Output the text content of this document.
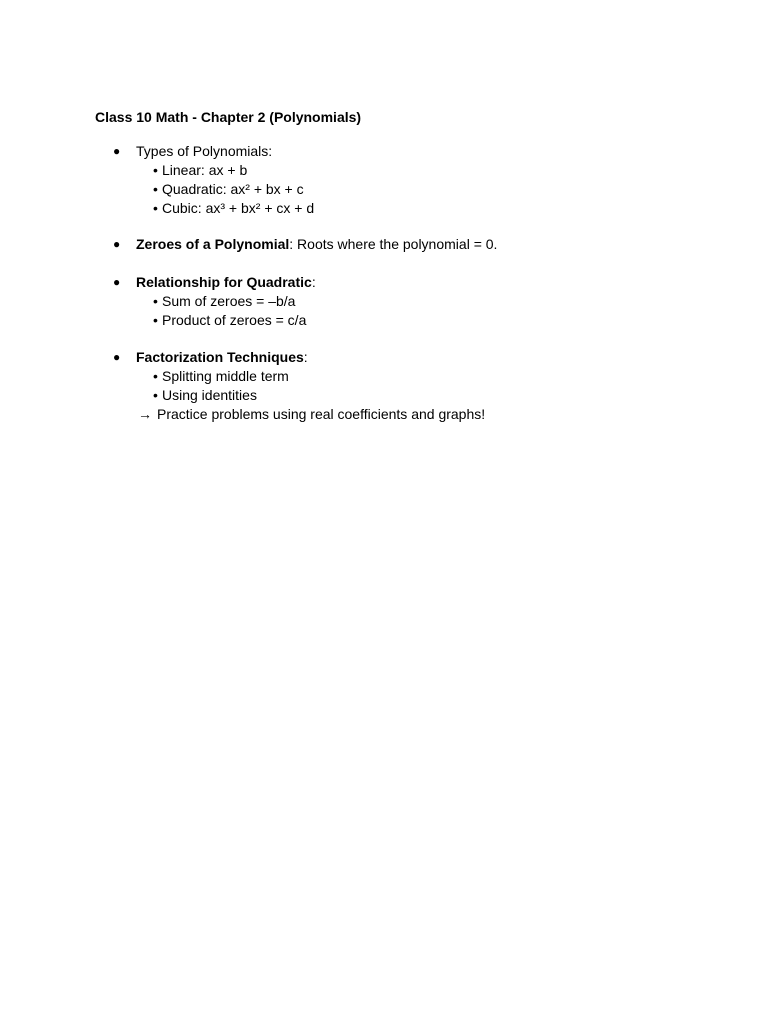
Class 10 Math - Chapter 2 (Polynomials)
● Types of Polynomials:
• Linear: ax + b
• Quadratic: ax² + bx + c
• Cubic: ax³ + bx² + cx + d
● Zeroes of a Polynomial: Roots where the polynomial = 0.
● Relationship for Quadratic:
• Sum of zeroes = –b/a
• Product of zeroes = c/a
● Factorization Techniques:
• Splitting middle term
• Using identities
→ Practice problems using real coefficients and graphs!
